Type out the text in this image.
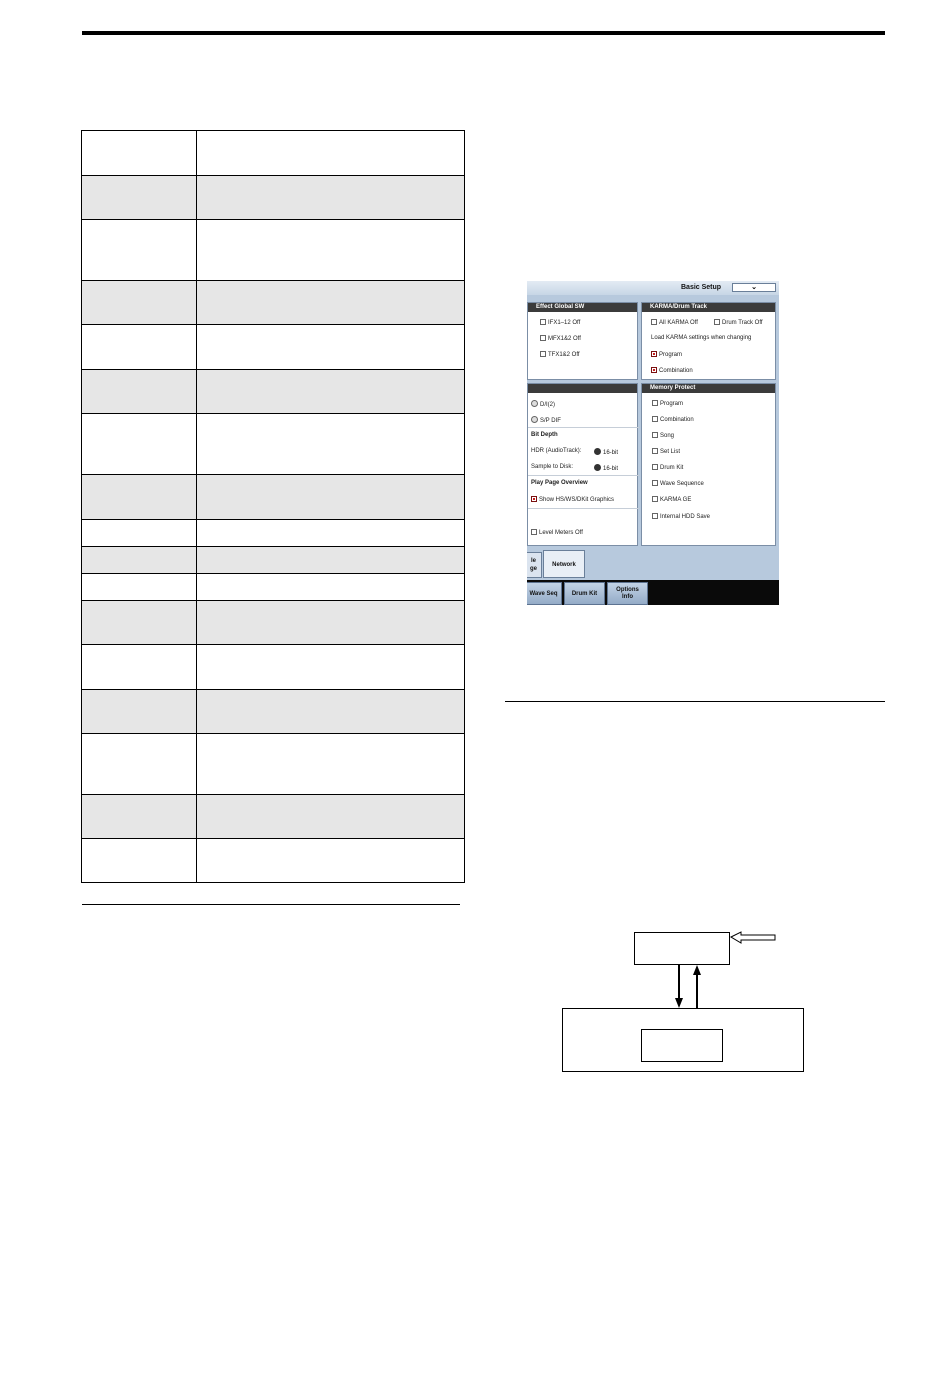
Basic Setup	⌄
Effect Global SW
IFX1–12 Off
MFX1&2 Off
TFX1&2 Off
KARMA/Drum Track
All KARMA Off	Drum Track Off
Load KARMA settings when changing
Program
Combination
D/I(2)
S/P DIF
Bit Depth
HDR (AudioTrack):	16-bit
Sample to Disk:	16-bit
Play Page Overview
Show HS/WS/DKit Graphics
Level Meters Off
Memory Protect
Program
Combination
Song
Set List
Drum Kit
Wave Sequence
KARMA GE
Internal HDD Save
le
ge
Network
Wave Seq	Drum Kit
Options
Info
